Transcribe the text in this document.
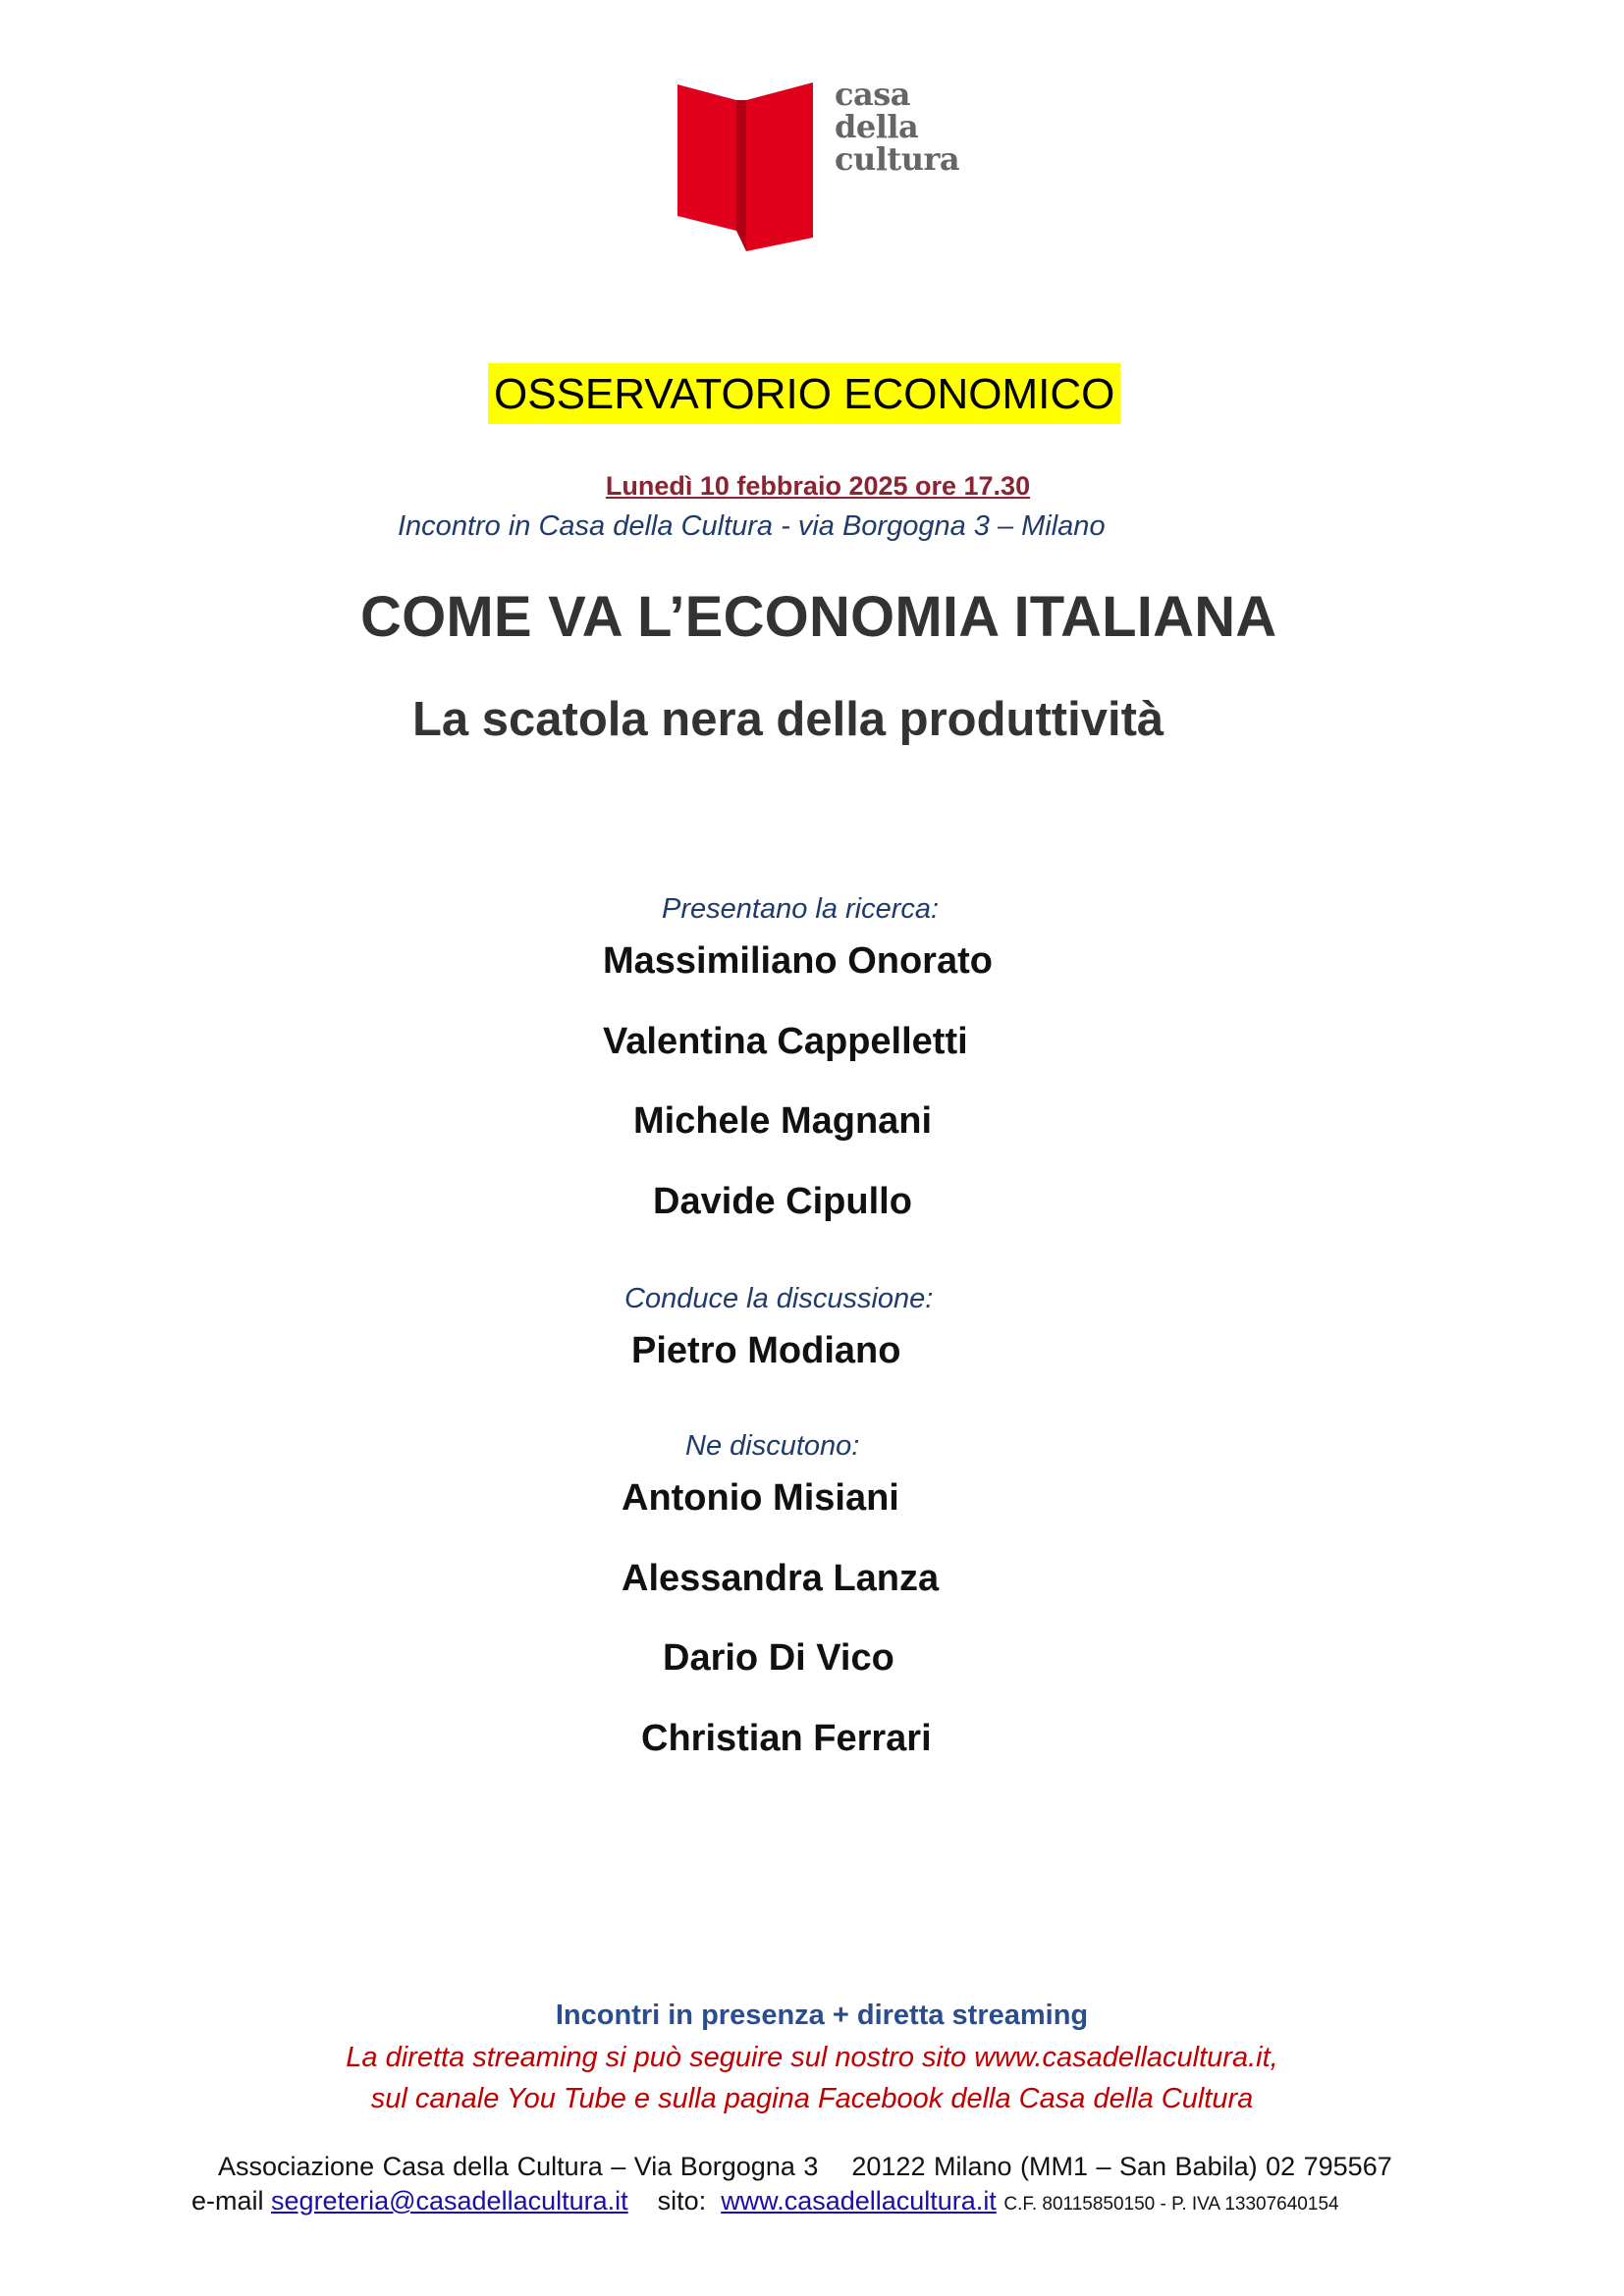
casa
della
cultura
OSSERVATORIO ECONOMICO
Lunedì 10 febbraio 2025 ore 17.30
Incontro in Casa della Cultura - via Borgogna 3 – Milano
COME VA L’ECONOMIA ITALIANA
La scatola nera della produttività
Presentano la ricerca:
Massimiliano Onorato
Valentina Cappelletti
Michele Magnani
Davide Cipullo
Conduce la discussione:
Pietro Modiano
Ne discutono:
Antonio Misiani
Alessandra Lanza
Dario Di Vico
Christian Ferrari
Incontri in presenza + diretta streaming
La diretta streaming si può seguire sul nostro sito www.casadellacultura.it,
sul canale You Tube e sulla pagina Facebook della Casa della Cultura
Associazione Casa della Cultura – Via Borgogna 3    20122 Milano (MM1 – San Babila) 02 795567
e-mail segreteria@casadellacultura.it sito: www.casadellacultura.it C.F. 80115850150 - P. IVA 13307640154
